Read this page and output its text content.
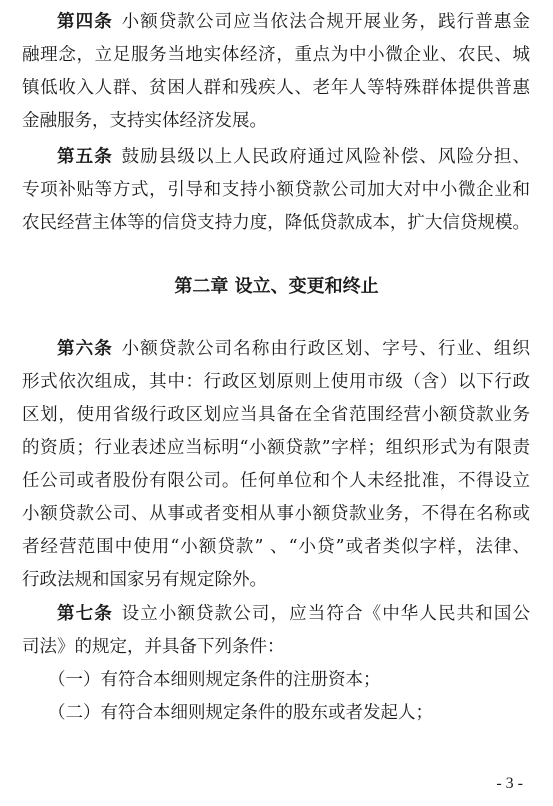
第四条 小额贷款公司应当依法合规开展业务，践行普惠金
融理念，立足服务当地实体经济，重点为中小微企业、农民、城
镇低收入人群、贫困人群和残疾人、老年人等特殊群体提供普惠
金融服务，支持实体经济发展。
第五条 鼓励县级以上人民政府通过风险补偿、风险分担、
专项补贴等方式，引导和支持小额贷款公司加大对中小微企业和
农民经营主体等的信贷支持力度，降低贷款成本，扩大信贷规模。
第二章 设立、变更和终止
第六条 小额贷款公司名称由行政区划、字号、行业、组织
形式依次组成，其中：行政区划原则上使用市级（含）以下行政
区划，使用省级行政区划应当具备在全省范围经营小额贷款业务
的资质；行业表述应当标明“小额贷款”字样；组织形式为有限责
任公司或者股份有限公司。任何单位和个人未经批准，不得设立
小额贷款公司、从事或者变相从事小额贷款业务，不得在名称或
者经营范围中使用“小额贷款” 、“小贷”或者类似字样，法律、
行政法规和国家另有规定除外。
第七条 设立小额贷款公司，应当符合《中华人民共和国公
司法》的规定，并具备下列条件：
（一）有符合本细则规定条件的注册资本；
（二）有符合本细则规定条件的股东或者发起人；
- 3 -
